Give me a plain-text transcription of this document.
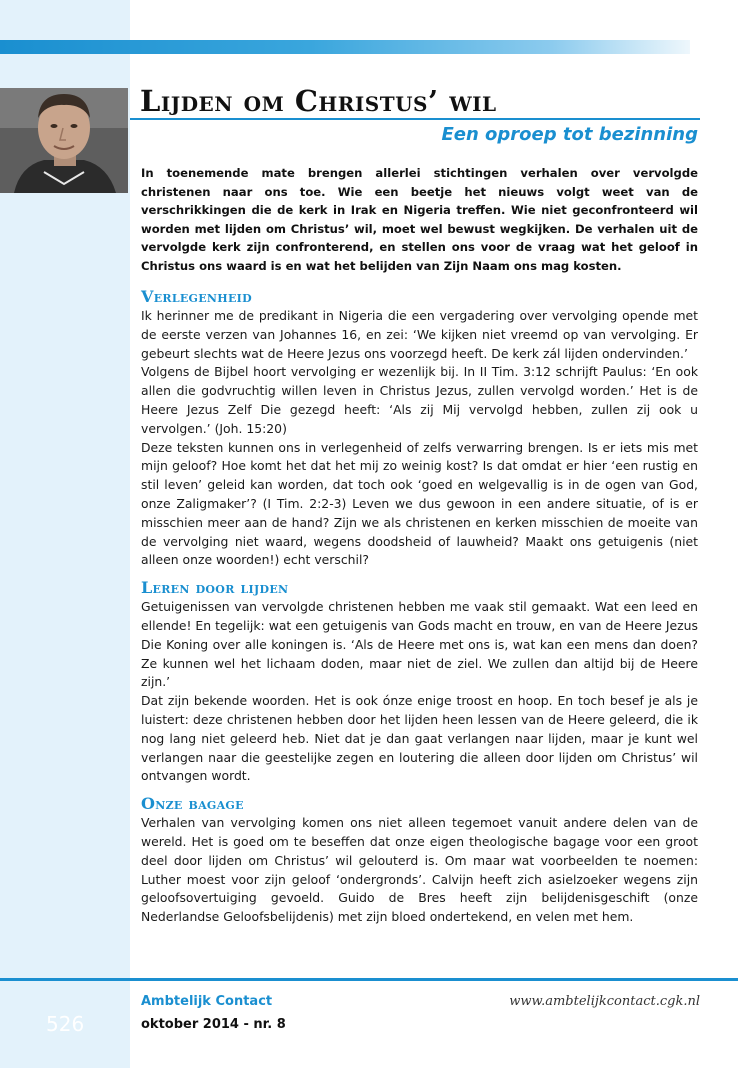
Lijden om Christus’ wil
Een oproep tot bezinning

In toenemende mate brengen allerlei stichtingen verhalen over vervolgde christenen naar ons toe. Wie een beetje het nieuws volgt weet van de verschrikkingen die de kerk in Irak en Nigeria treffen. Wie niet geconfronteerd wil worden met lijden om Christus’ wil, moet wel bewust wegkijken. De verhalen uit de vervolgde kerk zijn confronterend, en stellen ons voor de vraag wat het geloof in Christus ons waard is en wat het belijden van Zijn Naam ons mag kosten.

Verlegenheid

Ik herinner me de predikant in Nigeria die een vergadering over vervolging opende met de eerste verzen van Johannes 16, en zei: ‘We kijken niet vreemd op van vervolging. Er gebeurt slechts wat de Heere Jezus ons voorzegd heeft. De kerk zál lijden ondervinden.’

Volgens de Bijbel hoort vervolging er wezenlijk bij. In II Tim. 3:12 schrijft Paulus: ‘En ook allen die godvruchtig willen leven in Christus Jezus, zullen vervolgd worden.’ Het is de Heere Jezus Zelf Die gezegd heeft: ‘Als zij Mij vervolgd hebben, zullen zij ook u vervolgen.’ (Joh. 15:20)

Deze teksten kunnen ons in verlegenheid of zelfs verwarring brengen. Is er iets mis met mijn geloof? Hoe komt het dat het mij zo weinig kost? Is dat omdat er hier ‘een rustig en stil leven’ geleid kan worden, dat toch ook ‘goed en welgevallig is in de ogen van God, onze Zaligmaker’? (I Tim. 2:2-3) Leven we dus gewoon in een andere situatie, of is er misschien meer aan de hand? Zijn we als christenen en kerken misschien de moeite van de vervolging niet waard, wegens doodsheid of lauwheid? Maakt ons getuigenis (niet alleen onze woorden!) echt verschil?

Leren door lijden

Getuigenissen van vervolgde christenen hebben me vaak stil gemaakt. Wat een leed en ellende! En tegelijk: wat een getuigenis van Gods macht en trouw, en van de Heere Jezus Die Koning over alle koningen is. ‘Als de Heere met ons is, wat kan een mens dan doen? Ze kunnen wel het lichaam doden, maar niet de ziel. We zullen dan altijd bij de Heere zijn.’

Dat zijn bekende woorden. Het is ook ónze enige troost en hoop. En toch besef je als je luistert: deze christenen hebben door het lijden heen lessen van de Heere geleerd, die ik nog lang niet geleerd heb. Niet dat je dan gaat verlangen naar lijden, maar je kunt wel verlangen naar die geestelijke zegen en loutering die alleen door lijden om Christus’ wil ontvangen wordt.

Onze bagage

Verhalen van vervolging komen ons niet alleen tegemoet vanuit andere delen van de wereld. Het is goed om te beseffen dat onze eigen theologische bagage voor een groot deel door lijden om Christus’ wil gelouterd is. Om maar wat voorbeelden te noemen: Luther moest voor zijn geloof ‘ondergronds’. Calvijn heeft zich asielzoeker wegens zijn geloofsovertuiging gevoeld. Guido de Bres heeft zijn belijdenisgeschift (onze Nederlandse Geloofsbelijdenis) met zijn bloed ondertekend, en velen met hem.

Ambtelijk Contact

oktober 2014 - nr. 8

www.ambtelijkcontact.cgk.nl

526
